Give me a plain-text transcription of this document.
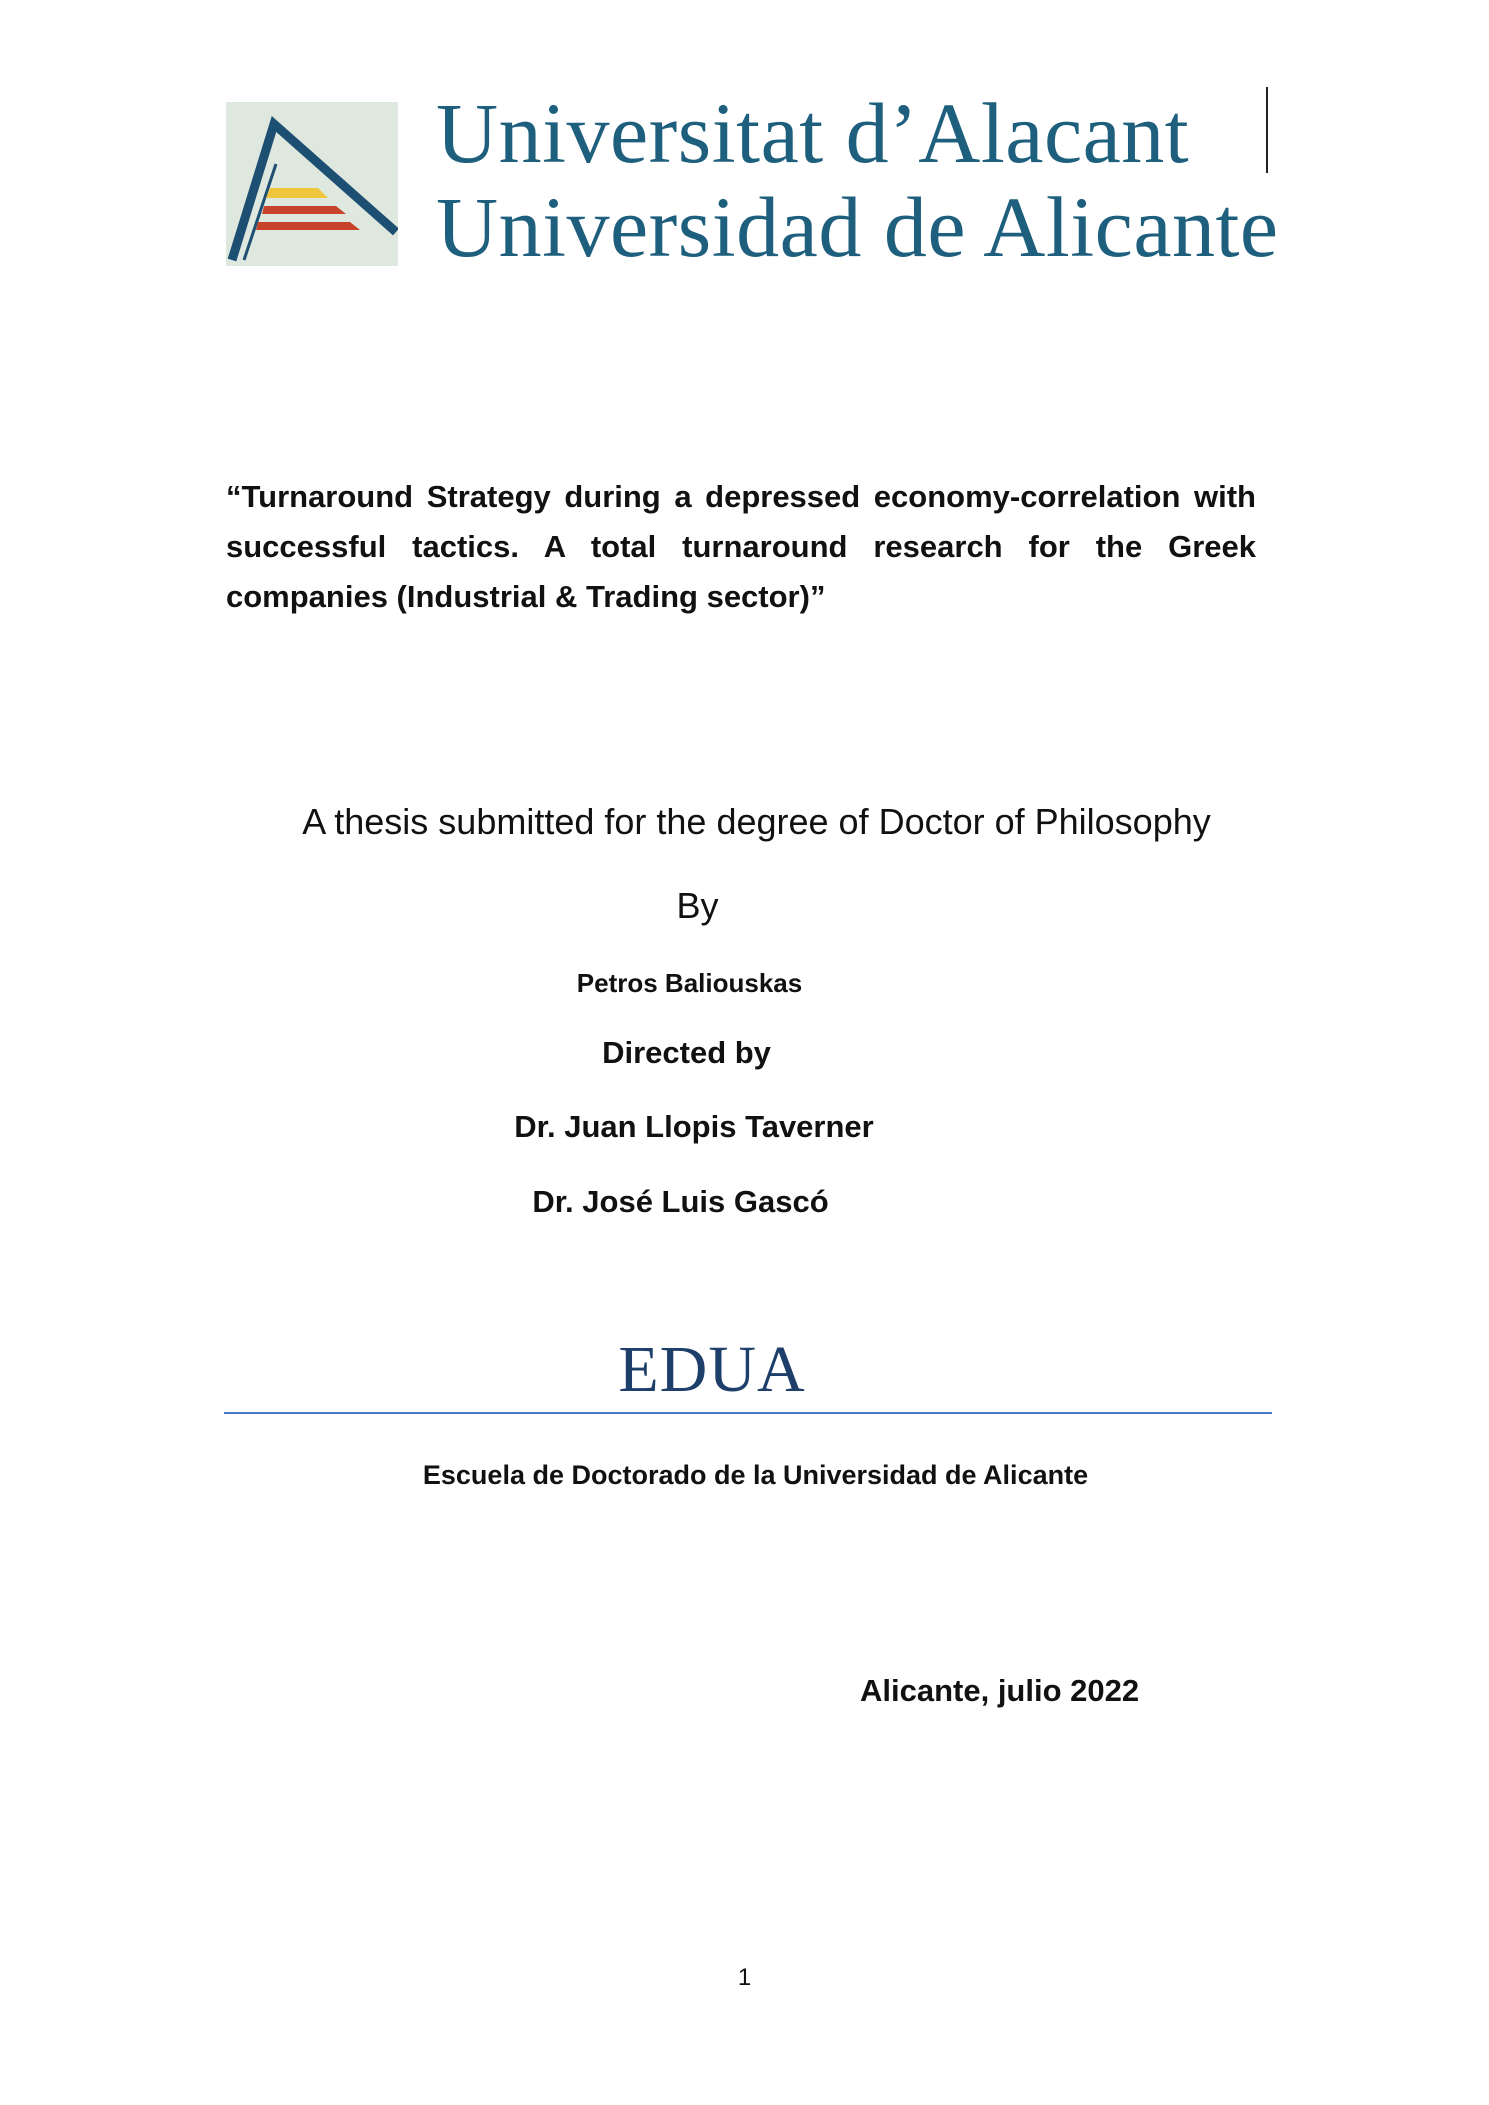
Universitat d’Alacant
Universidad de Alicante

“Turnaround Strategy during a depressed economy-correlation with successful tactics. A total turnaround research for the Greek companies (Industrial & Trading sector)”

A thesis submitted for the degree of Doctor of Philosophy

By

Petros Baliouskas

Directed by

Dr. Juan Llopis Taverner

Dr. José Luis Gascó

EDUA

Escuela de Doctorado de la Universidad de Alicante

Alicante, julio 2022

1
